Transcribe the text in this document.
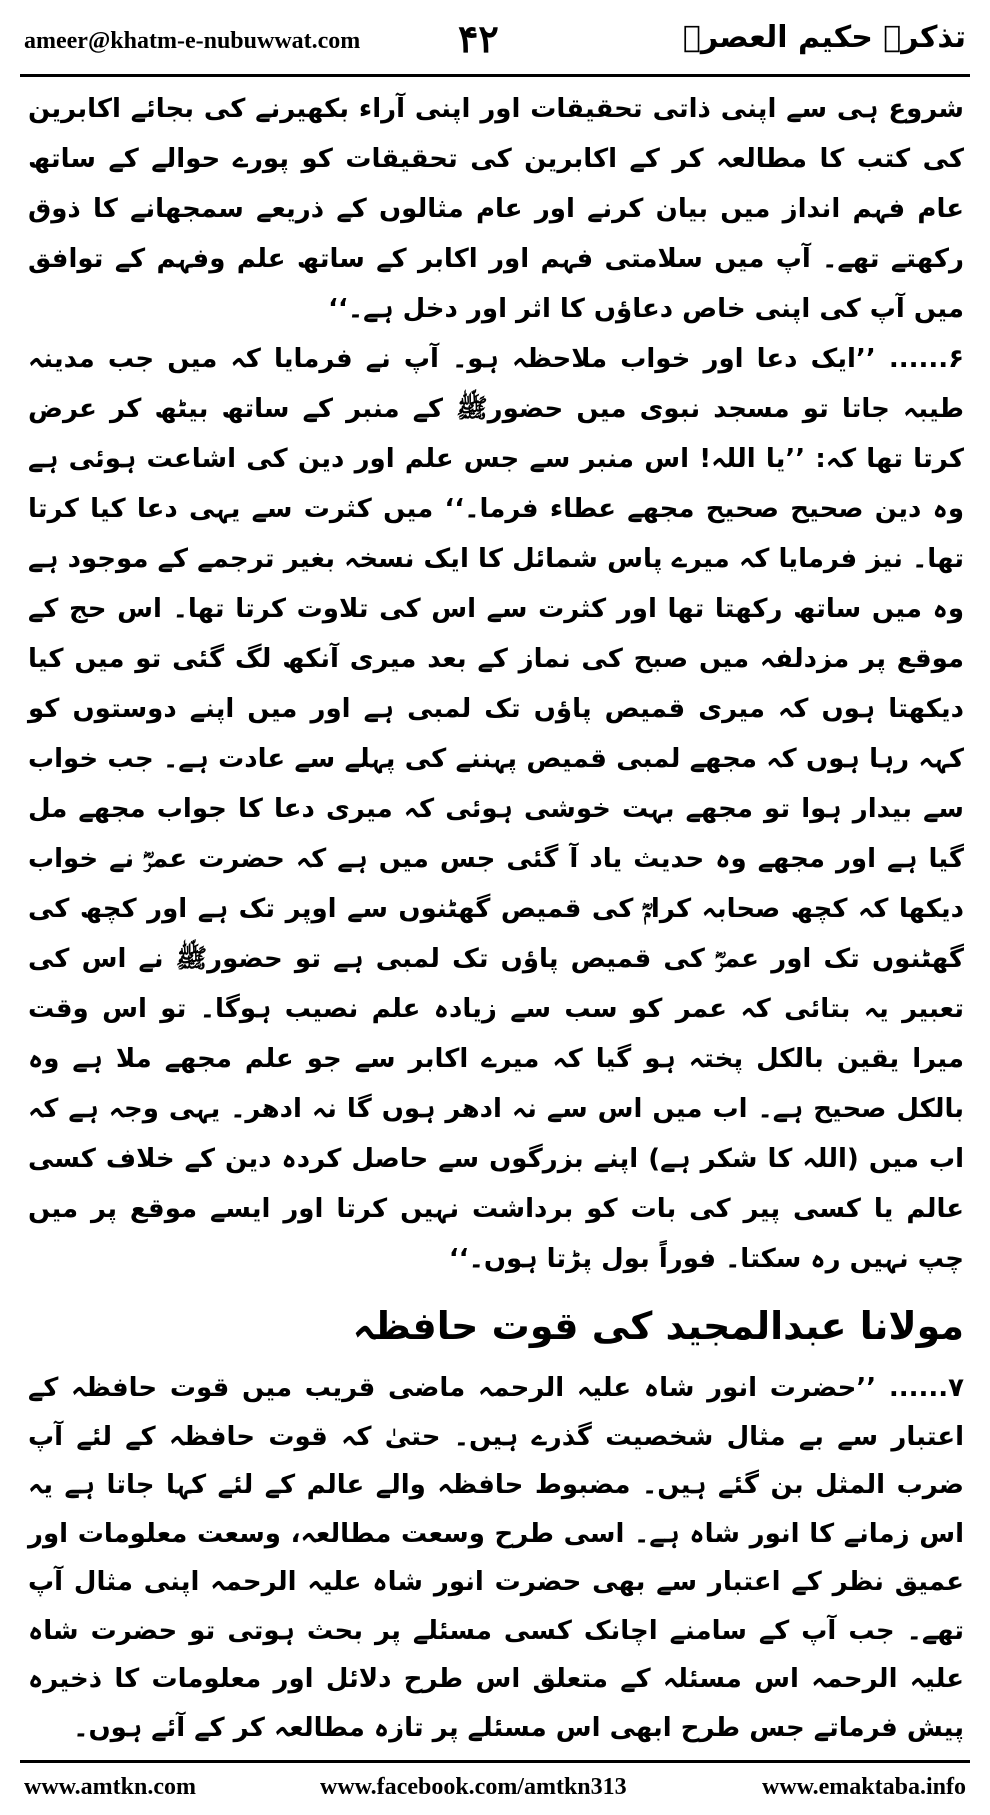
ameer@khatm-e-nubuwwat.com	۴۲	تذکرہ حکیم العصرؒ

شروع ہی سے اپنی ذاتی تحقیقات اور اپنی آراء بکھیرنے کی بجائے اکابرین کی کتب کا مطالعہ کر کے اکابرین کی تحقیقات کو پورے حوالے کے ساتھ عام فہم انداز میں بیان کرنے اور عام مثالوں کے ذریعے سمجھانے کا ذوق رکھتے تھے۔ آپ میں سلامتی فہم اور اکابر کے ساتھ علم وفہم کے توافق میں آپ کی اپنی خاص دعاؤں کا اثر اور دخل ہے۔‘‘

۶...... ’’ایک دعا اور خواب ملاحظہ ہو۔ آپ نے فرمایا کہ میں جب مدینہ طیبہ جاتا تو مسجد نبوی میں حضورﷺ کے منبر کے ساتھ بیٹھ کر عرض کرتا تھا کہ: ’’یا اللہ! اس منبر سے جس علم اور دین کی اشاعت ہوئی ہے وہ دین صحیح صحیح مجھے عطاء فرما۔‘‘ میں کثرت سے یہی دعا کیا کرتا تھا۔ نیز فرمایا کہ میرے پاس شمائل کا ایک نسخہ بغیر ترجمے کے موجود ہے وہ میں ساتھ رکھتا تھا اور کثرت سے اس کی تلاوت کرتا تھا۔ اس حج کے موقع پر مزدلفہ میں صبح کی نماز کے بعد میری آنکھ لگ گئی تو میں کیا دیکھتا ہوں کہ میری قمیص پاؤں تک لمبی ہے اور میں اپنے دوستوں کو کہہ رہا ہوں کہ مجھے لمبی قمیص پہننے کی پہلے سے عادت ہے۔ جب خواب سے بیدار ہوا تو مجھے بہت خوشی ہوئی کہ میری دعا کا جواب مجھے مل گیا ہے اور مجھے وہ حدیث یاد آ گئی جس میں ہے کہ حضرت عمرؓ نے خواب دیکھا کہ کچھ صحابہ کرامؓ کی قمیص گھٹنوں سے اوپر تک ہے اور کچھ کی گھٹنوں تک اور عمرؓ کی قمیص پاؤں تک لمبی ہے تو حضورﷺ نے اس کی تعبیر یہ بتائی کہ عمر کو سب سے زیادہ علم نصیب ہوگا۔ تو اس وقت میرا یقین بالکل پختہ ہو گیا کہ میرے اکابر سے جو علم مجھے ملا ہے وہ بالکل صحیح ہے۔ اب میں اس سے نہ ادھر ہوں گا نہ ادھر۔ یہی وجہ ہے کہ اب میں (اللہ کا شکر ہے) اپنے بزرگوں سے حاصل کردہ دین کے خلاف کسی عالم یا کسی پیر کی بات کو برداشت نہیں کرتا اور ایسے موقع پر میں چپ نہیں رہ سکتا۔ فوراً بول پڑتا ہوں۔‘‘

مولانا عبدالمجید کی قوت حافظہ

۷...... ’’حضرت انور شاہ علیہ الرحمہ ماضی قریب میں قوت حافظہ کے اعتبار سے بے مثال شخصیت گذرے ہیں۔ حتیٰ کہ قوت حافظہ کے لئے آپ ضرب المثل بن گئے ہیں۔ مضبوط حافظہ والے عالم کے لئے کہا جاتا ہے یہ اس زمانے کا انور شاہ ہے۔ اسی طرح وسعت مطالعہ، وسعت معلومات اور عمیق نظر کے اعتبار سے بھی حضرت انور شاہ علیہ الرحمہ اپنی مثال آپ تھے۔ جب آپ کے سامنے اچانک کسی مسئلے پر بحث ہوتی تو حضرت شاہ علیہ الرحمہ اس مسئلہ کے متعلق اس طرح دلائل اور معلومات کا ذخیرہ پیش فرماتے جس طرح ابھی اس مسئلے پر تازہ مطالعہ کر کے آئے ہوں۔

www.amtkn.com	www.facebook.com/amtkn313	www.emaktaba.info
